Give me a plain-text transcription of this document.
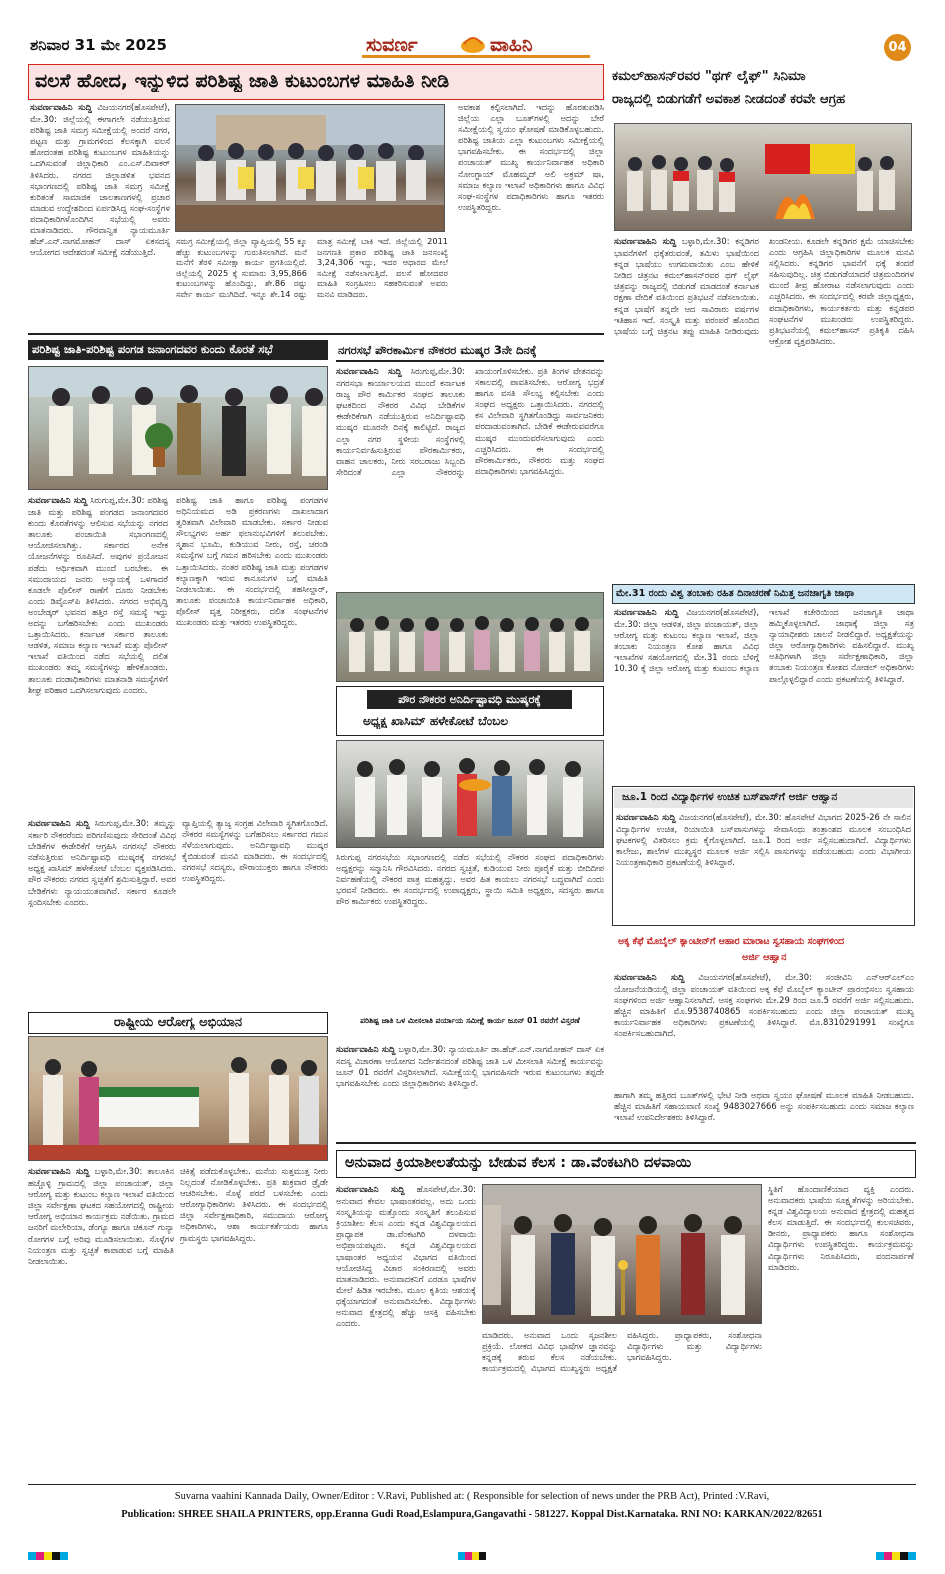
ಶನಿವಾರ 31 ಮೇ 2025	ಸುವರ್ಣ	ವಾಹಿನಿ	04
ವಲಸೆ ಹೋದ, ಇನ್ನುಳಿದ ಪರಿಶಿಷ್ಟ ಜಾತಿ ಕುಟುಂಬಗಳ ಮಾಹಿತಿ ನೀಡಿ
ಸುವರ್ಣವಾಹಿನಿ ಸುದ್ದಿ ವಿಜಯನಗರ(ಹೊಸಪೇಟೆ), ಮೇ.30: ಜಿಲ್ಲೆಯಲ್ಲಿ ಈಗಾಗಲೇ ನಡೆಯುತ್ತಿರುವ ಪರಿಶಿಷ್ಟ ಜಾತಿ ಸಮಗ್ರ ಸಮೀಕ್ಷೆಯಲ್ಲಿ ಅಂದರೆ ನಗರ, ಪಟ್ಟಣ ಮತ್ತು ಗ್ರಾಮಗಳಿಂದ ಕೆಲಸಕ್ಕಾಗಿ ವಲಸೆ ಹೋದಂತಹ ಪರಿಶಿಷ್ಟ ಕುಟುಂಬಗಳ ಮಾಹಿತಿಯನ್ನು ಒದಗಿಸುವಂತೆ ಜಿಲ್ಲಾಧಿಕಾರಿ ಎಂ.ಎಸ್.ದಿವಾಕರ್ ತಿಳಿಸಿದರು. ನಗರದ ಜಿಲ್ಲಾಡಳಿತ ಭವನದ ಸಭಾಂಗಣದಲ್ಲಿ ಪರಿಶಿಷ್ಟ ಜಾತಿ ಸಮಗ್ರ ಸಮೀಕ್ಷೆ ಕುರಿತಂತೆ ಸಾಮಾಜಿಕ ಜಾಲತಾಣಗಳಲ್ಲಿ ಪ್ರಚಾರ ಮಾಡುವ ಉದ್ದೇಶದಿಂದ ಏರ್ಪಡಿಸಿದ್ದ ಸಂಘ-ಸಂಸ್ಥೆಗಳ ಪದಾಧಿಕಾರಿಗಳೊಂದಿಗಿನ ಸಭೆಯಲ್ಲಿ ಅವರು ಮಾತನಾಡಿದರು. ಗೌರವಾನ್ವಿತ ನ್ಯಾಯಮೂರ್ತಿ ಹೆಚ್.ಎನ್.ನಾಗಮೋಹನ್ ದಾಸ್ ಏಕಸದಸ್ಯ ಆಯೋಗದ ಆದೇಶದಂತೆ ಸಮೀಕ್ಷೆ ನಡೆಯುತ್ತಿದೆ.
ಸಮಗ್ರ ಸಮೀಕ್ಷೆಯಲ್ಲಿ ಜಿಲ್ಲಾ ವ್ಯಾಪ್ತಿಯಲ್ಲಿ 55 ಕ್ಕೂ ಹೆಚ್ಚು ಕುಟುಂಬಗಳನ್ನು ಗುರುತಿಸಲಾಗಿದೆ. ಮನೆ ಮನೆಗೆ ತೆರಳಿ ಸಮೀಕ್ಷಾ ಕಾರ್ಯ ಪ್ರಗತಿಯಲ್ಲಿದೆ. ಜಿಲ್ಲೆಯಲ್ಲಿ 2025 ಕ್ಕೆ ಸುಮಾರು 3,95,866 ಕುಟುಂಬಗಳನ್ನು ಹೊಂದಿದ್ದು, ಶೇ.86 ರಷ್ಟು ಸರ್ವೇ ಕಾರ್ಯ ಮುಗಿದಿದೆ. ಇನ್ನೂ ಶೇ.14 ರಷ್ಟು ಮಾತ್ರ ಸಮೀಕ್ಷೆ ಬಾಕಿ ಇದೆ. ಜಿಲ್ಲೆಯಲ್ಲಿ 2011 ಜನಗಣತಿ ಪ್ರಕಾರ ಪರಿಶಿಷ್ಟ ಜಾತಿ ಜನಸಂಖ್ಯೆ 3,24,306 ಇದ್ದು, ಇದರ ಆಧಾರದ ಮೇಲೆ ಸಮೀಕ್ಷೆ ನಡೆಸಲಾಗುತ್ತಿದೆ. ವಲಸೆ ಹೋದವರ ಮಾಹಿತಿ ಸಂಗ್ರಹಿಸಲು ಸಹಕರಿಸುವಂತೆ ಅವರು ಮನವಿ ಮಾಡಿದರು.
ಅವಕಾಶ ಕಲ್ಪಿಸಲಾಗಿದೆ. ಇದನ್ನು ಹೊರತುಪಡಿಸಿ ಜಿಲ್ಲೆಯ ಎಲ್ಲಾ ಬೂತ್‌ಗಳಲ್ಲಿ ಅದನ್ನು ಬೇರೆ ಸಮೀಕ್ಷೆಯಲ್ಲಿ ಸ್ವಯಂ ಘೋಷಣೆ ಮಾಡಿಕೊಳ್ಳಬಹುದು. ಪರಿಶಿಷ್ಟ ಜಾತಿಯ ಎಲ್ಲಾ ಕುಟುಂಬಗಳು ಸಮೀಕ್ಷೆಯಲ್ಲಿ ಭಾಗವಹಿಸಬೇಕು. ಈ ಸಂದರ್ಭದಲ್ಲಿ ಜಿಲ್ಲಾ ಪಂಚಾಯತ್ ಮುಖ್ಯ ಕಾರ್ಯನಿರ್ವಾಹಕ ಅಧಿಕಾರಿ ನೋಂಗ್ಜಾಯ್ ಮೊಹಮ್ಮದ್ ಅಲಿ ಅಕ್ರಮ್ ಷಾ, ಸಮಾಜ ಕಲ್ಯಾಣ ಇಲಾಖೆ ಅಧಿಕಾರಿಗಳು ಹಾಗೂ ವಿವಿಧ ಸಂಘ-ಸಂಸ್ಥೆಗಳ ಪದಾಧಿಕಾರಿಗಳು ಹಾಗೂ ಇತರರು ಉಪಸ್ಥಿತರಿದ್ದರು.
ಕಮಲ್‌ಹಾಸನ್‌ರವರ "ಥಗ್ ಲೈಫ್" ಸಿನಿಮಾ
ರಾಜ್ಯದಲ್ಲಿ ಬಿಡುಗಡೆಗೆ ಅವಕಾಶ ನೀಡದಂತೆ ಕರವೇ ಆಗ್ರಹ
ಸುವರ್ಣವಾಹಿನಿ ಸುದ್ದಿ ಬಳ್ಳಾರಿ,ಮೇ.30: ಕನ್ನಡಿಗರ ಭಾವನೆಗಳಿಗೆ ಧಕ್ಕೆತರುವಂತೆ, ತಮಿಳು ಭಾಷೆಯಿಂದ ಕನ್ನಡ ಭಾಷೆಯು ಉಗಮವಾಯಿತು ಎಂಬ ಹೇಳಿಕೆ ನೀಡಿದ ಚಿತ್ರನಟ ಕಮಲ್‌ಹಾಸನ್‌ರವರ ಥಗ್ ಲೈಫ್ ಚಿತ್ರವನ್ನು ರಾಜ್ಯದಲ್ಲಿ ಬಿಡುಗಡೆ ಮಾಡದಂತೆ ಕರ್ನಾಟಕ ರಕ್ಷಣಾ ವೇದಿಕೆ ವತಿಯಿಂದ ಪ್ರತಿಭಟನೆ ನಡೆಸಲಾಯಿತು. ಕನ್ನಡ ಭಾಷೆಗೆ ತನ್ನದೇ ಆದ ಸಾವಿರಾರು ವರ್ಷಗಳ ಇತಿಹಾಸ ಇದೆ. ಸಂಸ್ಕೃತಿ ಮತ್ತು ಪರಂಪರೆ ಹೊಂದಿದ ಭಾಷೆಯ ಬಗ್ಗೆ ಚಿತ್ರನಟ ತಪ್ಪು ಮಾಹಿತಿ ನೀಡಿರುವುದು ಖಂಡನೀಯ. ಕೂಡಲೇ ಕನ್ನಡಿಗರ ಕ್ಷಮೆ ಯಾಚಿಸಬೇಕು ಎಂದು ಆಗ್ರಹಿಸಿ ಜಿಲ್ಲಾಧಿಕಾರಿಗಳ ಮೂಲಕ ಮನವಿ ಸಲ್ಲಿಸಿದರು. ಕನ್ನಡಿಗರ ಭಾವನೆಗೆ ಧಕ್ಕೆ ತಂದರೆ ಸಹಿಸುವುದಿಲ್ಲ. ಚಿತ್ರ ಬಿಡುಗಡೆಯಾದರೆ ಚಿತ್ರಮಂದಿರಗಳ ಮುಂದೆ ತೀವ್ರ ಹೋರಾಟ ನಡೆಸಲಾಗುವುದು ಎಂದು ಎಚ್ಚರಿಸಿದರು. ಈ ಸಂದರ್ಭದಲ್ಲಿ ಕರವೇ ಜಿಲ್ಲಾಧ್ಯಕ್ಷರು, ಪದಾಧಿಕಾರಿಗಳು, ಕಾರ್ಯಕರ್ತರು ಮತ್ತು ಕನ್ನಡಪರ ಸಂಘಟನೆಗಳ ಮುಖಂಡರು ಉಪಸ್ಥಿತರಿದ್ದರು. ಪ್ರತಿಭಟನೆಯಲ್ಲಿ ಕಮಲ್‌ಹಾಸನ್ ಪ್ರತಿಕೃತಿ ದಹಿಸಿ ಆಕ್ರೋಶ ವ್ಯಕ್ತಪಡಿಸಿದರು.
ಪರಿಶಿಷ್ಟ ಜಾತಿ-ಪರಿಶಿಷ್ಟ ಪಂಗಡ ಜನಾಂಗದವರ ಕುಂದು ಕೊರತೆ ಸಭೆ
ಸುವರ್ಣವಾಹಿನಿ ಸುದ್ದಿ ಸಿರುಗುಪ್ಪ,ಮೇ.30: ಪರಿಶಿಷ್ಟ ಜಾತಿ ಮತ್ತು ಪರಿಶಿಷ್ಟ ಪಂಗಡದ ಜನಾಂಗದವರ ಕುಂದು ಕೊರತೆಗಳನ್ನು ಆಲಿಸುವ ಸಭೆಯನ್ನು ನಗರದ ತಾಲೂಕು ಪಂಚಾಯಿತಿ ಸಭಾಂಗಣದಲ್ಲಿ ಆಯೋಜಿಸಲಾಗಿತ್ತು. ಸರ್ಕಾರದ ಅನೇಕ ಯೋಜನೆಗಳನ್ನು ರೂಪಿಸಿದೆ. ಅವುಗಳ ಪ್ರಯೋಜನ ಪಡೆದು ಆರ್ಥಿಕವಾಗಿ ಮುಂದೆ ಬರಬೇಕು. ಈ ಸಮುದಾಯದ ಜನರು ಅನ್ಯಾಯಕ್ಕೆ ಒಳಗಾದರೆ ಕೂಡಲೇ ಪೊಲೀಸ್ ಠಾಣೆಗೆ ದೂರು ನೀಡಬೇಕು ಎಂದು ಡಿವೈಎಸ್‌ಪಿ ತಿಳಿಸಿದರು. ನಗರದ ಅಭಿವೃದ್ಧಿ ಅಂಬೇಡ್ಕರ್ ಭವನದ ಹತ್ತಿರ ರಸ್ತೆ ಸಮಸ್ಯೆ ಇದ್ದು ಅದನ್ನು ಬಗೆಹರಿಸಬೇಕು ಎಂದು ಮುಖಂಡರು ಒತ್ತಾಯಿಸಿದರು. ಕರ್ನಾಟಕ ಸರ್ಕಾರ ತಾಲೂಕು ಆಡಳಿತ, ಸಮಾಜ ಕಲ್ಯಾಣ ಇಲಾಖೆ ಮತ್ತು ಪೊಲೀಸ್ ಇಲಾಖೆ ವತಿಯಿಂದ ನಡೆದ ಸಭೆಯಲ್ಲಿ ದಲಿತ ಮುಖಂಡರು ತಮ್ಮ ಸಮಸ್ಯೆಗಳನ್ನು ಹೇಳಿಕೊಂಡರು. ತಾಲೂಕು ದಂಡಾಧಿಕಾರಿಗಳು ಮಾತನಾಡಿ ಸಮಸ್ಯೆಗಳಿಗೆ ಶೀಘ್ರ ಪರಿಹಾರ ಒದಗಿಸಲಾಗುವುದು ಎಂದರು.
ಪರಿಶಿಷ್ಟ ಜಾತಿ ಹಾಗೂ ಪರಿಶಿಷ್ಟ ಪಂಗಡಗಳ ಅಧಿನಿಯಮದ ಅಡಿ ಪ್ರಕರಣಗಳು ದಾಖಲಾದಾಗ ತ್ವರಿತವಾಗಿ ವಿಲೇವಾರಿ ಮಾಡಬೇಕು. ಸರ್ಕಾರ ನೀಡುವ ಸೌಲಭ್ಯಗಳು ಅರ್ಹ ಫಲಾನುಭವಿಗಳಿಗೆ ತಲುಪಬೇಕು. ಸ್ಮಶಾನ ಭೂಮಿ, ಕುಡಿಯುವ ನೀರು, ರಸ್ತೆ, ಚರಂಡಿ ಸಮಸ್ಯೆಗಳ ಬಗ್ಗೆ ಗಮನ ಹರಿಸಬೇಕು ಎಂದು ಮುಖಂಡರು ಒತ್ತಾಯಿಸಿದರು. ನಂತರ ಪರಿಶಿಷ್ಟ ಜಾತಿ ಮತ್ತು ಪಂಗಡಗಳ ಕಲ್ಯಾಣಕ್ಕಾಗಿ ಇರುವ ಕಾನೂನುಗಳ ಬಗ್ಗೆ ಮಾಹಿತಿ ನೀಡಲಾಯಿತು. ಈ ಸಂದರ್ಭದಲ್ಲಿ ತಹಸೀಲ್ದಾರ್, ತಾಲೂಕು ಪಂಚಾಯಿತಿ ಕಾರ್ಯನಿರ್ವಾಹಕ ಅಧಿಕಾರಿ, ಪೊಲೀಸ್ ವೃತ್ತ ನಿರೀಕ್ಷಕರು, ದಲಿತ ಸಂಘಟನೆಗಳ ಮುಖಂಡರು ಮತ್ತು ಇತರರು ಉಪಸ್ಥಿತರಿದ್ದರು.
ನಗರಸಭೆ ಪೌರಕಾರ್ಮಿಕ ನೌಕರರ ಮುಷ್ಕರ 3ನೇ ದಿನಕ್ಕೆ
ಸುವರ್ಣವಾಹಿನಿ ಸುದ್ದಿ ಸಿರುಗುಪ್ಪ,ಮೇ.30: ನಗರಸಭಾ ಕಾರ್ಯಾಲಯದ ಮುಂದೆ ಕರ್ನಾಟಕ ರಾಜ್ಯ ಪೌರ ಕಾರ್ಮಿಕರ ಸಂಘದ ತಾಲೂಕು ಘಟಕದಿಂದ ನೌಕರರ ವಿವಿಧ ಬೇಡಿಕೆಗಳ ಈಡೇರಿಕೆಗಾಗಿ ನಡೆಯುತ್ತಿರುವ ಅನಿರ್ದಿಷ್ಟಾವಧಿ ಮುಷ್ಕರ ಮೂರನೇ ದಿನಕ್ಕೆ ಕಾಲಿಟ್ಟಿದೆ. ರಾಜ್ಯದ ಎಲ್ಲಾ ನಗರ ಸ್ಥಳೀಯ ಸಂಸ್ಥೆಗಳಲ್ಲಿ ಕಾರ್ಯನಿರ್ವಹಿಸುತ್ತಿರುವ ಪೌರಕಾರ್ಮಿಕರು, ವಾಹನ ಚಾಲಕರು, ನೀರು ಸರಬರಾಜು ಸಿಬ್ಬಂದಿ ಸೇರಿದಂತೆ ಎಲ್ಲಾ ನೌಕರರನ್ನು ಖಾಯಂಗೊಳಿಸಬೇಕು. ಪ್ರತಿ ತಿಂಗಳ ವೇತನವನ್ನು ಸಕಾಲದಲ್ಲಿ ಪಾವತಿಸಬೇಕು. ಆರೋಗ್ಯ ಭದ್ರತೆ ಹಾಗೂ ವಸತಿ ಸೌಲಭ್ಯ ಕಲ್ಪಿಸಬೇಕು ಎಂದು ಸಂಘದ ಅಧ್ಯಕ್ಷರು ಒತ್ತಾಯಿಸಿದರು. ನಗರದಲ್ಲಿ ಕಸ ವಿಲೇವಾರಿ ಸ್ಥಗಿತಗೊಂಡಿದ್ದು ಸಾರ್ವಜನಿಕರು ಪರದಾಡುವಂತಾಗಿದೆ. ಬೇಡಿಕೆ ಈಡೇರುವವರೆಗೂ ಮುಷ್ಕರ ಮುಂದುವರೆಸಲಾಗುವುದು ಎಂದು ಎಚ್ಚರಿಸಿದರು. ಈ ಸಂದರ್ಭದಲ್ಲಿ ಪೌರಕಾರ್ಮಿಕರು, ನೌಕರರು ಮತ್ತು ಸಂಘದ ಪದಾಧಿಕಾರಿಗಳು ಭಾಗವಹಿಸಿದ್ದರು.
ಪೌರ ನೌಕರರ ಅನಿರ್ದಿಷ್ಟಾವಧಿ ಮುಷ್ಕರಕ್ಕೆ
ಅಧ್ಯಕ್ಷ ಖಾಸಿಮ್ ಹಳೇಕೋಟೆ ಬೆಂಬಲ
ಸುವರ್ಣವಾಹಿನಿ ಸುದ್ದಿ ಸಿರುಗುಪ್ಪ,ಮೇ.30: ತಮ್ಮನ್ನು ಸರ್ಕಾರಿ ನೌಕರರೆಂದು ಪರಿಗಣಿಸುವುದು ಸೇರಿದಂತೆ ವಿವಿಧ ಬೇಡಿಕೆಗಳ ಈಡೇರಿಕೆಗೆ ಆಗ್ರಹಿಸಿ ನಗರಸಭೆ ನೌಕರರು ನಡೆಸುತ್ತಿರುವ ಅನಿರ್ದಿಷ್ಟಾವಧಿ ಮುಷ್ಕರಕ್ಕೆ ನಗರಸಭೆ ಅಧ್ಯಕ್ಷ ಖಾಸಿಮ್ ಹಳೇಕೋಟೆ ಬೆಂಬಲ ವ್ಯಕ್ತಪಡಿಸಿದರು. ಪೌರ ನೌಕರರು ನಗರದ ಸ್ವಚ್ಛತೆಗೆ ಶ್ರಮಿಸುತ್ತಿದ್ದಾರೆ. ಅವರ ಬೇಡಿಕೆಗಳು ನ್ಯಾಯಯುತವಾಗಿವೆ. ಸರ್ಕಾರ ಕೂಡಲೇ ಸ್ಪಂದಿಸಬೇಕು ಎಂದರು.
ವ್ಯಾಪ್ತಿಯಲ್ಲಿ ತ್ಯಾಜ್ಯ ಸಂಗ್ರಹ ವಿಲೇವಾರಿ ಸ್ಥಗಿತಗೊಂಡಿದೆ. ನೌಕರರ ಸಮಸ್ಯೆಗಳನ್ನು ಬಗೆಹರಿಸಲು ಸರ್ಕಾರದ ಗಮನ ಸೆಳೆಯಲಾಗುವುದು. ಅನಿರ್ದಿಷ್ಟಾವಧಿ ಮುಷ್ಕರ ಕೈಬಿಡುವಂತೆ ಮನವಿ ಮಾಡಿದರು. ಈ ಸಂದರ್ಭದಲ್ಲಿ ನಗರಸಭೆ ಸದಸ್ಯರು, ಪೌರಾಯುಕ್ತರು ಹಾಗೂ ನೌಕರರು ಉಪಸ್ಥಿತರಿದ್ದರು.
ಸಿರುಗುಪ್ಪ ನಗರಸಭೆಯ ಸಭಾಂಗಣದಲ್ಲಿ ನಡೆದ ಸಭೆಯಲ್ಲಿ ನೌಕರರ ಸಂಘದ ಪದಾಧಿಕಾರಿಗಳು ಅಧ್ಯಕ್ಷರನ್ನು ಸನ್ಮಾನಿಸಿ ಗೌರವಿಸಿದರು. ನಗರದ ಸ್ವಚ್ಛತೆ, ಕುಡಿಯುವ ನೀರು ಪೂರೈಕೆ ಮತ್ತು ಬೀದಿದೀಪ ನಿರ್ವಹಣೆಯಲ್ಲಿ ನೌಕರರ ಪಾತ್ರ ಮಹತ್ವದ್ದು. ಅವರ ಹಿತ ಕಾಯಲು ನಗರಸಭೆ ಬದ್ಧವಾಗಿದೆ ಎಂದು ಭರವಸೆ ನೀಡಿದರು. ಈ ಸಂದರ್ಭದಲ್ಲಿ ಉಪಾಧ್ಯಕ್ಷರು, ಸ್ಥಾಯಿ ಸಮಿತಿ ಅಧ್ಯಕ್ಷರು, ಸದಸ್ಯರು ಹಾಗೂ ಪೌರ ಕಾರ್ಮಿಕರು ಉಪಸ್ಥಿತರಿದ್ದರು.
ಮೇ.31 ರಂದು ವಿಶ್ವ ತಂಬಾಕು ರಹಿತ ದಿನಾಚರಣೆ ನಿಮಿತ್ತ ಜನಜಾಗೃತಿ ಜಾಥಾ
ಸುವರ್ಣವಾಹಿನಿ ಸುದ್ದಿ ವಿಜಯನಗರ(ಹೊಸಪೇಟೆ), ಮೇ.30: ಜಿಲ್ಲಾ ಆಡಳಿತ, ಜಿಲ್ಲಾ ಪಂಚಾಯತ್, ಜಿಲ್ಲಾ ಆರೋಗ್ಯ ಮತ್ತು ಕುಟುಂಬ ಕಲ್ಯಾಣ ಇಲಾಖೆ, ಜಿಲ್ಲಾ ತಂಬಾಕು ನಿಯಂತ್ರಣ ಕೋಶ ಹಾಗೂ ವಿವಿಧ ಇಲಾಖೆಗಳ ಸಹಯೋಗದಲ್ಲಿ ಮೇ.31 ರಂದು ಬೆಳಿಗ್ಗೆ 10.30 ಕ್ಕೆ ಜಿಲ್ಲಾ ಆರೋಗ್ಯ ಮತ್ತು ಕುಟುಂಬ ಕಲ್ಯಾಣ ಇಲಾಖೆ ಕಚೇರಿಯಿಂದ ಜನಜಾಗೃತಿ ಜಾಥಾ ಹಮ್ಮಿಕೊಳ್ಳಲಾಗಿದೆ. ಜಾಥಾಕ್ಕೆ ಜಿಲ್ಲಾ ಸತ್ರ ನ್ಯಾಯಾಧೀಶರು ಚಾಲನೆ ನೀಡಲಿದ್ದಾರೆ. ಅಧ್ಯಕ್ಷತೆಯನ್ನು ಜಿಲ್ಲಾ ಆರೋಗ್ಯಾಧಿಕಾರಿಗಳು ವಹಿಸಲಿದ್ದಾರೆ. ಮುಖ್ಯ ಅತಿಥಿಗಳಾಗಿ ಜಿಲ್ಲಾ ಸರ್ವೇಕ್ಷಣಾಧಿಕಾರಿ, ಜಿಲ್ಲಾ ತಂಬಾಕು ನಿಯಂತ್ರಣ ಕೋಶದ ನೋಡಲ್ ಅಧಿಕಾರಿಗಳು ಪಾಲ್ಗೊಳ್ಳಲಿದ್ದಾರೆ ಎಂದು ಪ್ರಕಟಣೆಯಲ್ಲಿ ತಿಳಿಸಿದ್ದಾರೆ.
ಜೂ.1 ರಿಂದ ವಿದ್ಯಾರ್ಥಿಗಳ ಉಚಿತ ಬಸ್‌ಪಾಸ್‌ಗೆ ಅರ್ಜಿ ಆಹ್ವಾನ
ಸುವರ್ಣವಾಹಿನಿ ಸುದ್ದಿ ವಿಜಯನಗರ(ಹೊಸಪೇಟೆ), ಮೇ.30: ಹೊಸಪೇಟೆ ವಿಭಾಗದ 2025-26 ನೇ ಸಾಲಿನ ವಿದ್ಯಾರ್ಥಿಗಳ ಉಚಿತ, ರಿಯಾಯಿತಿ ಬಸ್‌ಪಾಸುಗಳನ್ನು ಸೇವಾಸಿಂಧು ತಂತ್ರಾಂಶದ ಮೂಲಕ ಸಂಬಂಧಿಸಿದ ಘಟಕಗಳಲ್ಲಿ ವಿತರಿಸಲು ಕ್ರಮ ಕೈಗೊಳ್ಳಲಾಗಿದೆ. ಜೂ.1 ರಿಂದ ಅರ್ಜಿ ಸಲ್ಲಿಸಬಹುದಾಗಿದೆ. ವಿದ್ಯಾರ್ಥಿಗಳು ಕಾಲೇಜು, ಶಾಲೆಗಳ ಮುಖ್ಯಸ್ಥರ ಮೂಲಕ ಅರ್ಜಿ ಸಲ್ಲಿಸಿ ಪಾಸುಗಳನ್ನು ಪಡೆಯಬಹುದು ಎಂದು ವಿಭಾಗೀಯ ನಿಯಂತ್ರಣಾಧಿಕಾರಿ ಪ್ರಕಟಣೆಯಲ್ಲಿ ತಿಳಿಸಿದ್ದಾರೆ.
ಅಕ್ಕ ಕೆಫೆ ಮೊಬೈಲ್ ಕ್ಯಾಂಟೀನ್‌ಗೆ ಆಹಾರ ಮಾರಾಟ ಸ್ವಸಹಾಯ ಸಂಘಗಳಿಂದ
ಅರ್ಜಿ ಆಹ್ವಾನ
ಸುವರ್ಣವಾಹಿನಿ ಸುದ್ದಿ ವಿಜಯನಗರ(ಹೊಸಪೇಟೆ), ಮೇ.30: ಸಂಜೀವಿನಿ ಎನ್‌ಆರ್‌ಎಲ್‌ಎಂ ಯೋಜನೆಯಡಿಯಲ್ಲಿ ಜಿಲ್ಲಾ ಪಂಚಾಯತ್ ವತಿಯಿಂದ ಅಕ್ಕ ಕೆಫೆ ಮೊಬೈಲ್ ಕ್ಯಾಂಟೀನ್ ಪ್ರಾರಂಭಿಸಲು ಸ್ವಸಹಾಯ ಸಂಘಗಳಿಂದ ಅರ್ಜಿ ಆಹ್ವಾನಿಸಲಾಗಿದೆ. ಆಸಕ್ತ ಸಂಘಗಳು ಮೇ.29 ರಿಂದ ಜೂ.5 ರವರೆಗೆ ಅರ್ಜಿ ಸಲ್ಲಿಸಬಹುದು. ಹೆಚ್ಚಿನ ಮಾಹಿತಿಗೆ ಮೊ.9538740865 ಸಂಪರ್ಕಿಸಬಹುದು ಎಂದು ಜಿಲ್ಲಾ ಪಂಚಾಯತ್ ಮುಖ್ಯ ಕಾರ್ಯನಿರ್ವಾಹಕ ಅಧಿಕಾರಿಗಳು ಪ್ರಕಟಣೆಯಲ್ಲಿ ತಿಳಿಸಿದ್ದಾರೆ. ಮೊ.8310291991 ಸಂಖ್ಯೆಗೂ ಸಂಪರ್ಕಿಸಬಹುದಾಗಿದೆ.
ರಾಷ್ಟ್ರೀಯ ಆರೋಗ್ಯ ಅಭಿಯಾನ
ಸುವರ್ಣವಾಹಿನಿ ಸುದ್ದಿ ಬಳ್ಳಾರಿ,ಮೇ.30: ತಾಲೂಕಿನ ಹಚ್ಚೊಳ್ಳಿ ಗ್ರಾಮದಲ್ಲಿ ಜಿಲ್ಲಾ ಪಂಚಾಯತ್, ಜಿಲ್ಲಾ ಆರೋಗ್ಯ ಮತ್ತು ಕುಟುಂಬ ಕಲ್ಯಾಣ ಇಲಾಖೆ ವತಿಯಿಂದ ಜಿಲ್ಲಾ ಸರ್ವೇಕ್ಷಣಾ ಘಟಕದ ಸಹಯೋಗದಲ್ಲಿ ರಾಷ್ಟ್ರೀಯ ಆರೋಗ್ಯ ಅಭಿಯಾನ ಕಾರ್ಯಕ್ರಮ ನಡೆಯಿತು. ಗ್ರಾಮದ ಜನರಿಗೆ ಮಲೇರಿಯಾ, ಡೆಂಗ್ಯೂ ಹಾಗೂ ಚಿಕೂನ್ ಗುನ್ಯಾ ರೋಗಗಳ ಬಗ್ಗೆ ಅರಿವು ಮೂಡಿಸಲಾಯಿತು. ಸೊಳ್ಳೆಗಳ ನಿಯಂತ್ರಣ ಮತ್ತು ಸ್ವಚ್ಛತೆ ಕಾಪಾಡುವ ಬಗ್ಗೆ ಮಾಹಿತಿ ನೀಡಲಾಯಿತು.
ಚಿಕಿತ್ಸೆ ಪಡೆದುಕೊಳ್ಳಬೇಕು. ಮನೆಯ ಸುತ್ತಮುತ್ತ ನೀರು ನಿಲ್ಲದಂತೆ ನೋಡಿಕೊಳ್ಳಬೇಕು. ಪ್ರತಿ ಶುಕ್ರವಾರ ಡ್ರೈಡೇ ಆಚರಿಸಬೇಕು. ಸೊಳ್ಳೆ ಪರದೆ ಬಳಸಬೇಕು ಎಂದು ಆರೋಗ್ಯಾಧಿಕಾರಿಗಳು ತಿಳಿಸಿದರು. ಈ ಸಂದರ್ಭದಲ್ಲಿ ಜಿಲ್ಲಾ ಸರ್ವೇಕ್ಷಣಾಧಿಕಾರಿ, ಸಮುದಾಯ ಆರೋಗ್ಯ ಅಧಿಕಾರಿಗಳು, ಆಶಾ ಕಾರ್ಯಕರ್ತೆಯರು ಹಾಗೂ ಗ್ರಾಮಸ್ಥರು ಭಾಗವಹಿಸಿದ್ದರು.
ಪರಿಶಿಷ್ಟ ಜಾತಿ ಒಳ ಮೀಸಲಾತಿ ಪರ್ಯಾಯ ಸಮೀಕ್ಷೆ ಕಾರ್ಯ ಜೂನ್ 01 ರವರೆಗೆ ವಿಸ್ತರಣೆ
ಸುವರ್ಣವಾಹಿನಿ ಸುದ್ದಿ ಬಳ್ಳಾರಿ,ಮೇ.30: ನ್ಯಾಯಮೂರ್ತಿ ಡಾ.ಹೆಚ್.ಎನ್.ನಾಗಮೋಹನ್ ದಾಸ್ ಏಕ ಸದಸ್ಯ ವಿಚಾರಣಾ ಆಯೋಗದ ನಿರ್ದೇಶನದಂತೆ ಪರಿಶಿಷ್ಟ ಜಾತಿ ಒಳ ಮೀಸಲಾತಿ ಸಮೀಕ್ಷೆ ಕಾರ್ಯವನ್ನು ಜೂನ್ 01 ರವರೆಗೆ ವಿಸ್ತರಿಸಲಾಗಿದೆ. ಸಮೀಕ್ಷೆಯಲ್ಲಿ ಭಾಗವಹಿಸದೇ ಇರುವ ಕುಟುಂಬಗಳು ತಪ್ಪದೇ ಭಾಗವಹಿಸಬೇಕು ಎಂದು ಜಿಲ್ಲಾಧಿಕಾರಿಗಳು ತಿಳಿಸಿದ್ದಾರೆ.
ಹಾಗಾಗಿ ತಮ್ಮ ಹತ್ತಿರದ ಬೂತ್‌ಗಳಲ್ಲಿ ಭೇಟಿ ನೀಡಿ ಅಥವಾ ಸ್ವಯಂ ಘೋಷಣೆ ಮೂಲಕ ಮಾಹಿತಿ ನೀಡಬಹುದು. ಹೆಚ್ಚಿನ ಮಾಹಿತಿಗೆ ಸಹಾಯವಾಣಿ ಸಂಖ್ಯೆ 9483027666 ಅನ್ನು ಸಂಪರ್ಕಿಸಬಹುದು ಎಂದು ಸಮಾಜ ಕಲ್ಯಾಣ ಇಲಾಖೆ ಉಪನಿರ್ದೇಶಕರು ತಿಳಿಸಿದ್ದಾರೆ.
ಅನುವಾದ ಕ್ರಿಯಾಶೀಲತೆಯನ್ನು ಬೇಡುವ ಕೆಲಸ : ಡಾ.ವೆಂಕಟಗಿರಿ ದಳವಾಯಿ
ಸುವರ್ಣವಾಹಿನಿ ಸುದ್ದಿ ಹೊಸಪೇಟೆ,ಮೇ.30: ಅನುವಾದ ಕೇವಲ ಭಾಷಾಂತರವಲ್ಲ. ಅದು ಒಂದು ಸಂಸ್ಕೃತಿಯನ್ನು ಮತ್ತೊಂದು ಸಂಸ್ಕೃತಿಗೆ ತಲುಪಿಸುವ ಕ್ರಿಯಾಶೀಲ ಕೆಲಸ ಎಂದು ಕನ್ನಡ ವಿಶ್ವವಿದ್ಯಾಲಯದ ಪ್ರಾಧ್ಯಾಪಕ ಡಾ.ವೆಂಕಟಗಿರಿ ದಳವಾಯಿ ಅಭಿಪ್ರಾಯಪಟ್ಟರು. ಕನ್ನಡ ವಿಶ್ವವಿದ್ಯಾಲಯದ ಭಾಷಾಂತರ ಅಧ್ಯಯನ ವಿಭಾಗದ ವತಿಯಿಂದ ಆಯೋಜಿಸಿದ್ದ ವಿಚಾರ ಸಂಕಿರಣದಲ್ಲಿ ಅವರು ಮಾತನಾಡಿದರು. ಅನುವಾದಕನಿಗೆ ಎರಡೂ ಭಾಷೆಗಳ ಮೇಲೆ ಹಿಡಿತ ಇರಬೇಕು. ಮೂಲ ಕೃತಿಯ ಆಶಯಕ್ಕೆ ಧಕ್ಕೆಯಾಗದಂತೆ ಅನುವಾದಿಸಬೇಕು. ವಿದ್ಯಾರ್ಥಿಗಳು ಅನುವಾದ ಕ್ಷೇತ್ರದಲ್ಲಿ ಹೆಚ್ಚು ಆಸಕ್ತಿ ವಹಿಸಬೇಕು ಎಂದರು.
ಮಾಡಿದರು. ಅನುವಾದ ಒಂದು ಸೃಜನಶೀಲ ಪ್ರಕ್ರಿಯೆ. ಲೋಕದ ವಿವಿಧ ಭಾಷೆಗಳ ಜ್ಞಾನವನ್ನು ಕನ್ನಡಕ್ಕೆ ತರುವ ಕೆಲಸ ನಡೆಯಬೇಕು. ಕಾರ್ಯಕ್ರಮದಲ್ಲಿ ವಿಭಾಗದ ಮುಖ್ಯಸ್ಥರು ಅಧ್ಯಕ್ಷತೆ ವಹಿಸಿದ್ದರು. ಪ್ರಾಧ್ಯಾಪಕರು, ಸಂಶೋಧನಾ ವಿದ್ಯಾರ್ಥಿಗಳು ಮತ್ತು ವಿದ್ಯಾರ್ಥಿಗಳು ಭಾಗವಹಿಸಿದ್ದರು.
ಸ್ಥಿತಿಗೆ ಹೊಂದಾಣಿಕೆಯಾದ ವ್ಯಕ್ತಿ ಎಂದರು. ಅನುವಾದಕರು ಭಾಷೆಯ ಸೂಕ್ಷ್ಮತೆಗಳನ್ನು ಅರಿಯಬೇಕು. ಕನ್ನಡ ವಿಶ್ವವಿದ್ಯಾಲಯ ಅನುವಾದ ಕ್ಷೇತ್ರದಲ್ಲಿ ಮಹತ್ವದ ಕೆಲಸ ಮಾಡುತ್ತಿದೆ. ಈ ಸಂದರ್ಭದಲ್ಲಿ ಕುಲಸಚಿವರು, ಡೀನರು, ಪ್ರಾಧ್ಯಾಪಕರು ಹಾಗೂ ಸಂಶೋಧನಾ ವಿದ್ಯಾರ್ಥಿಗಳು ಉಪಸ್ಥಿತರಿದ್ದರು. ಕಾರ್ಯಕ್ರಮವನ್ನು ವಿದ್ಯಾರ್ಥಿಗಳು ನಿರೂಪಿಸಿದರು, ವಂದನಾರ್ಪಣೆ ಮಾಡಿದರು.
Suvarna vaahini Kannada Daily, Owner/Editor : V.Ravi, Published at: ( Responsible for selection of news under the PRB Act), Printed :V.Ravi,
Publication: SHREE SHAILA PRINTERS, opp.Eranna Gudi Road,Eslampura,Gangavathi - 581227. Koppal Dist.Karnataka. RNI NO: KARKAN/2022/82651
